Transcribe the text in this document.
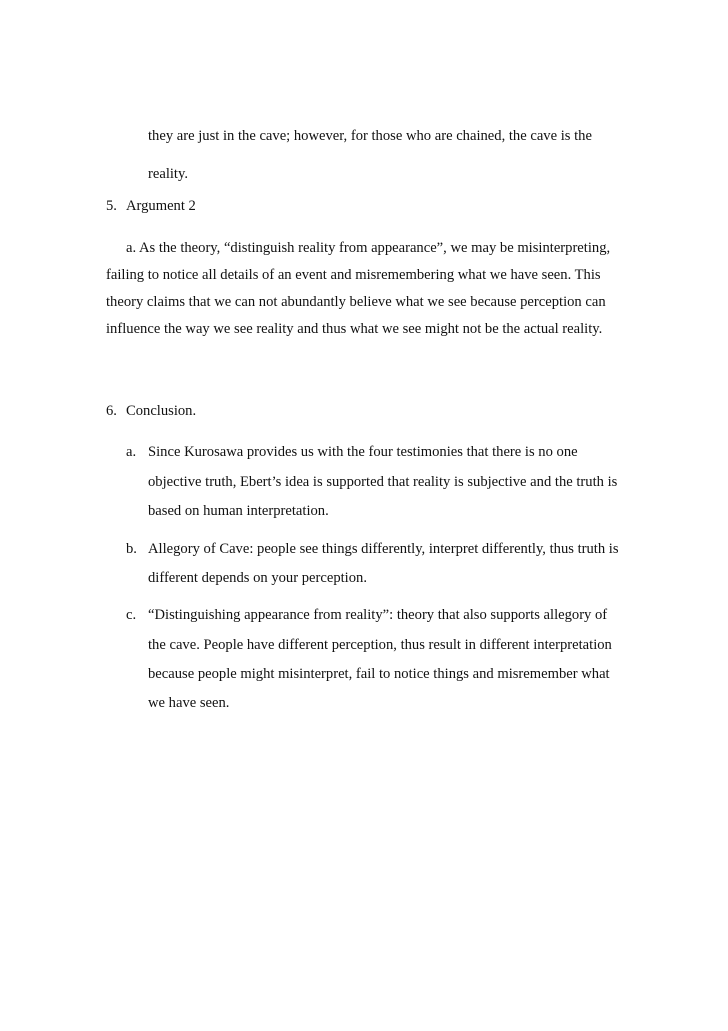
they are just in the cave; however, for those who are chained, the cave is the
reality.
5. Argument 2
a. As the theory, “distinguish reality from appearance”, we may be misinterpreting,
failing to notice all details of an event and misremembering what we have seen. This
theory claims that we can not abundantly believe what we see because perception can
influence the way we see reality and thus what we see might not be the actual reality.
6. Conclusion.
a. Since Kurosawa provides us with the four testimonies that there is no one
objective truth, Ebert’s idea is supported that reality is subjective and the truth is
based on human interpretation.
b. Allegory of Cave: people see things differently, interpret differently, thus truth is
different depends on your perception.
c. “Distinguishing appearance from reality”: theory that also supports allegory of
the cave. People have different perception, thus result in different interpretation
because people might misinterpret, fail to notice things and misremember what
we have seen.
